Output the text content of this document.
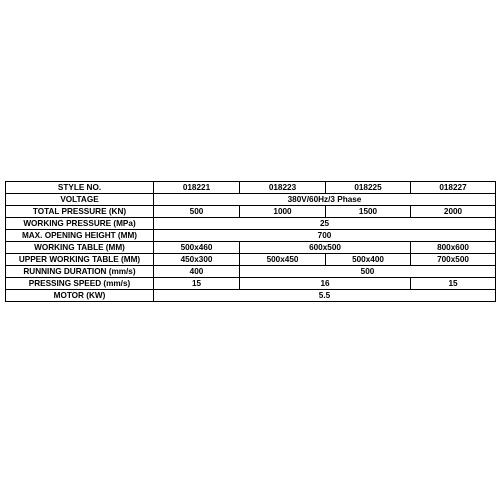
STYLE NO.	018221	018223	018225	018227
VOLTAGE	380V/60Hz/3 Phase			
TOTAL PRESSURE (KN)	500	1000	1500	2000
WORKING PRESSURE (MPa)	25			
MAX. OPENING HEIGHT (MM)	700			
WORKING TABLE (MM)	500x460	600x500		800x600
UPPER WORKING TABLE (MM)	450x300	500x450	500x400	700x500
RUNNING DURATION (mm/s)	400	500		
PRESSING SPEED (mm/s)	15	16		15
MOTOR (KW)	5.5			
